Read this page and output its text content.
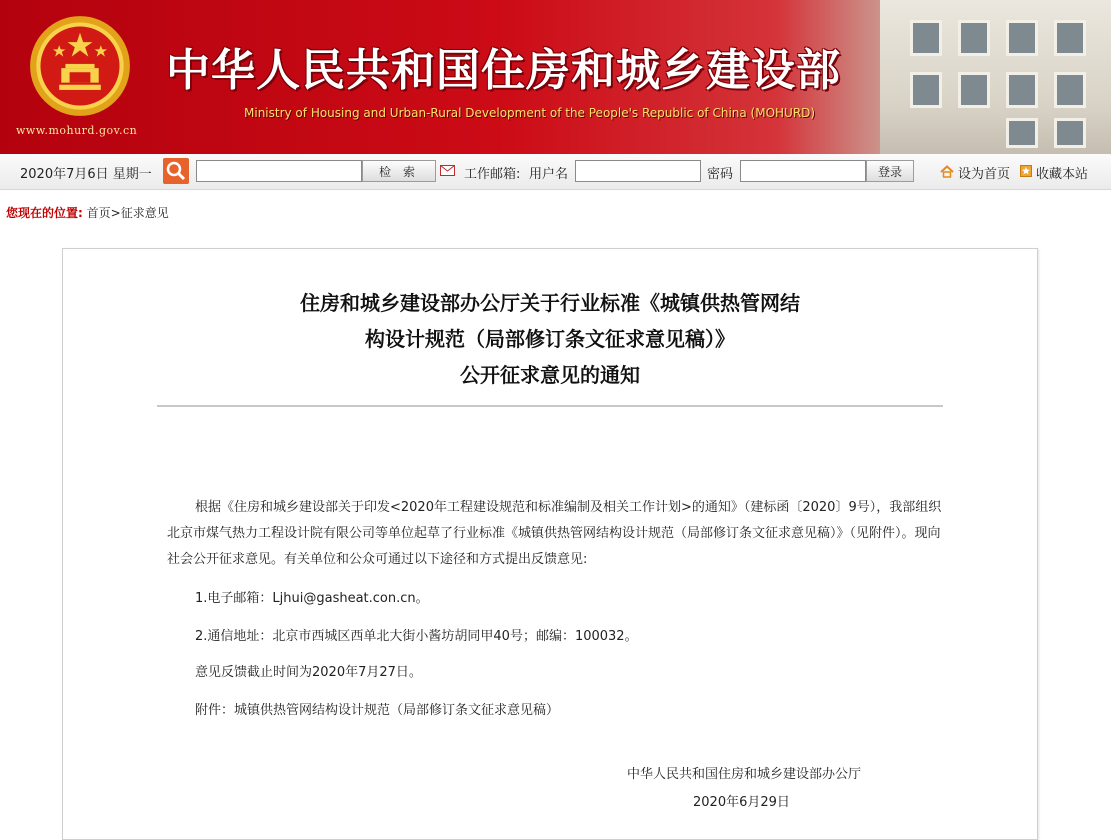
www.mohurd.gov.cn
中华人民共和国住房和城乡建设部
Ministry of Housing and Urban-Rural Development of the People's Republic of China (MOHURD)
2020年7月6日 星期一	检索	工作邮箱: 用户名	密码	登录	设为首页 收藏本站
您现在的位置: 首页>征求意见
住房和城乡建设部办公厅关于行业标准《城镇供热管网结
构设计规范（局部修订条文征求意见稿）》
公开征求意见的通知
根据《住房和城乡建设部关于印发<2020年工程建设规范和标准编制及相关工作计划>的通知》（建标函〔2020〕9号），我部组织北京市煤气热力工程设计院有限公司等单位起草了行业标准《城镇供热管网结构设计规范（局部修订条文征求意见稿）》（见附件）。现向社会公开征求意见。有关单位和公众可通过以下途径和方式提出反馈意见:
1.电子邮箱：Ljhui@gasheat.con.cn。
2.通信地址：北京市西城区西单北大街小酱坊胡同甲40号；邮编：100032。
意见反馈截止时间为2020年7月27日。
附件：城镇供热管网结构设计规范（局部修订条文征求意见稿）
中华人民共和国住房和城乡建设部办公厅
2020年6月29日
